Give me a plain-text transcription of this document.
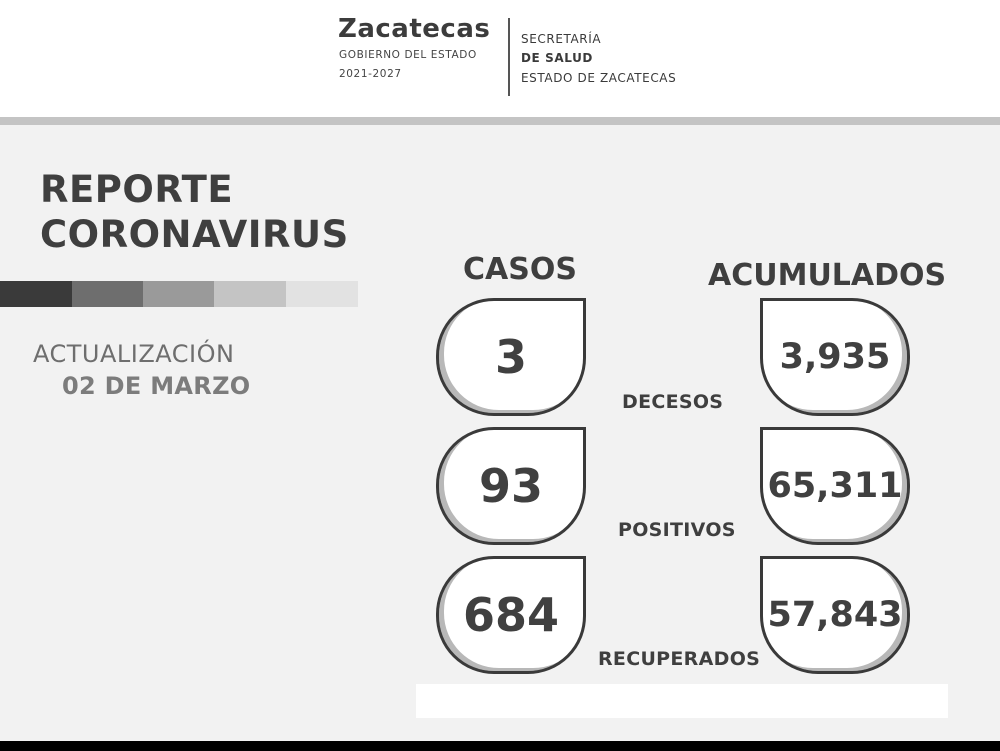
Zacatecas
GOBIERNO DEL ESTADO
2021-2027
SECRETARÍA
DE SALUD
ESTADO DE ZACATECAS
REPORTE
CORONAVIRUS
ACTUALIZACIÓN
02 DE MARZO
CASOS	ACUMULADOS
3
DECESOS
3,935
93
POSITIVOS
65,311
684
RECUPERADOS
57,843
